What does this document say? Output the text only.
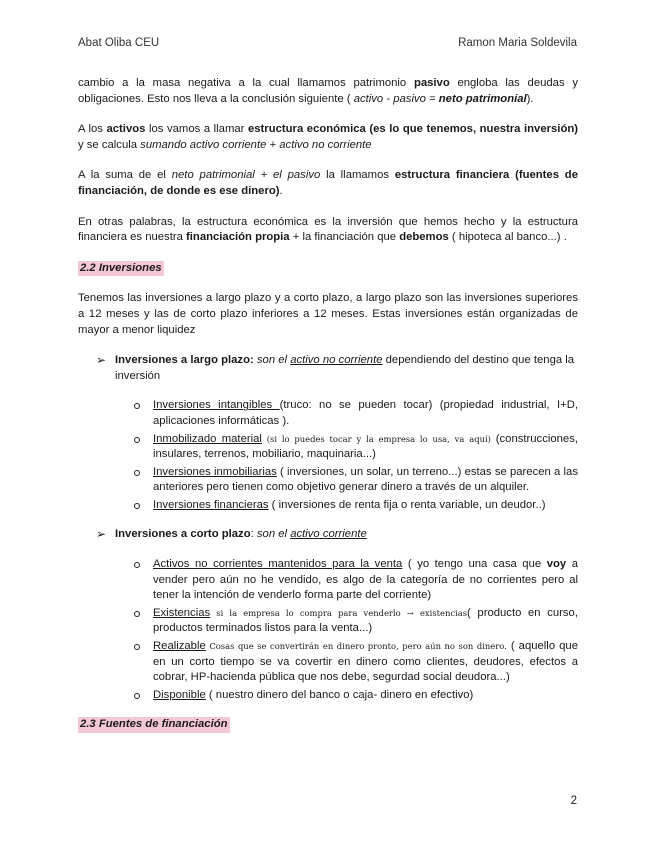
Abat Oliba CEU	Ramon Maria Soldevila

cambio a la masa negativa a la cual llamamos patrimonio pasivo engloba las deudas y obligaciones. Esto nos lleva a la conclusión siguiente ( activo - pasivo = neto patrimonial).

A los activos los vamos a llamar estructura económica (es lo que tenemos, nuestra inversión) y se calcula sumando activo corriente + activo no corriente

A la suma de el neto patrimonial + el pasivo la llamamos estructura financiera (fuentes de financiación, de donde es ese dinero).

En otras palabras, la estructura económica es la inversión que hemos hecho y la estructura financiera es nuestra financiación propia + la financiación que debemos ( hipoteca al banco...) .

2.2 Inversiones

Tenemos las inversiones a largo plazo y a corto plazo, a largo plazo son las inversiones superiores a 12 meses y las de corto plazo inferiores a 12 meses. Estas inversiones están organizadas de mayor a menor liquidez

➢ Inversiones a largo plazo: son el activo no corriente dependiendo del destino que tenga la inversión
Inversiones intangibles (truco: no se pueden tocar) (propiedad industrial, I+D, aplicaciones informáticas ).
Inmobilizado material (si lo puedes tocar y la empresa lo usa, va aquí) (construcciones, insulares, terrenos, mobiliario, maquinaria...)
Inversiones inmobiliarias ( inversiones, un solar, un terreno...) estas se parecen a las anteriores pero tienen como objetivo generar dinero a través de un alquiler.
Inversiones financieras ( inversiones de renta fija o renta variable, un deudor..)
➢ Inversiones a corto plazo: son el activo corriente
Activos no corrientes mantenidos para la venta ( yo tengo una casa que voy a vender pero aún no he vendido, es algo de la categoría de no corrientes pero al tener la intención de venderlo forma parte del corriente)
Existencias si la empresa lo compra para venderlo → existencias( producto en curso, productos terminados listos para la venta...)
Realizable Cosas que se convertirán en dinero pronto, pero aún no son dinero. ( aquello que en un corto tiempo se va covertir en dinero como clientes, deudores, efectos a cobrar, HP-hacienda pública que nos debe, segurdad social deudora...)
Disponible ( nuestro dinero del banco o caja- dinero en efectivo)
2.3 Fuentes de financiación
2
